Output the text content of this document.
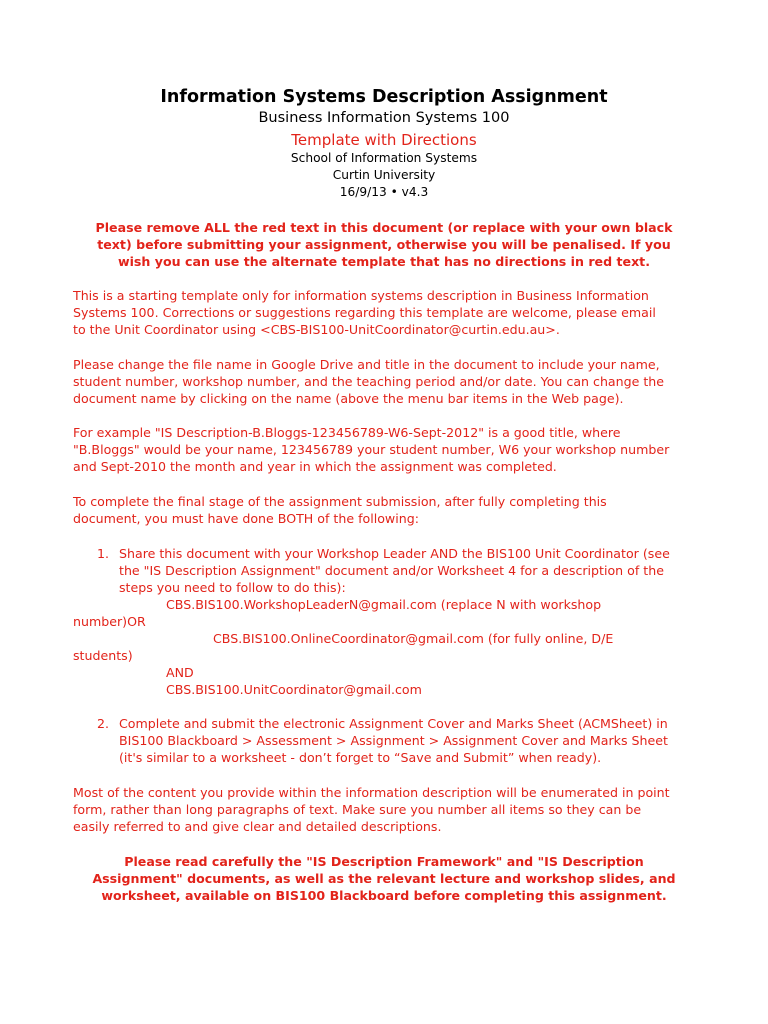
Information Systems Description Assignment
Business Information Systems 100
Template with Directions
School of Information Systems
Curtin University
16/9/13 • v4.3
Please remove ALL the red text in this document (or replace with your own black
text) before submitting your assignment, otherwise you will be penalised. If you
wish you can use the alternate template that has no directions in red text.
This is a starting template only for information systems description in Business Information
Systems 100. Corrections or suggestions regarding this template are welcome, please email
to the Unit Coordinator using <CBS-BIS100-UnitCoordinator@curtin.edu.au>.
Please change the file name in Google Drive and title in the document to include your name,
student number, workshop number, and the teaching period and/or date. You can change the
document name by clicking on the name (above the menu bar items in the Web page).
For example "IS Description-B.Bloggs-123456789-W6-Sept-2012" is a good title, where
"B.Bloggs" would be your name, 123456789 your student number, W6 your workshop number
and Sept-2010 the month and year in which the assignment was completed.
To complete the final stage of the assignment submission, after fully completing this
document, you must have done BOTH of the following:
1. Share this document with your Workshop Leader AND the BIS100 Unit Coordinator (see
the "IS Description Assignment" document and/or Worksheet 4 for a description of the
steps you need to follow to do this):
CBS.BIS100.WorkshopLeaderN@gmail.com (replace N with workshop
number)OR
CBS.BIS100.OnlineCoordinator@gmail.com (for fully online, D/E
students)
AND
CBS.BIS100.UnitCoordinator@gmail.com
2. Complete and submit the electronic Assignment Cover and Marks Sheet (ACMSheet) in
BIS100 Blackboard > Assessment > Assignment > Assignment Cover and Marks Sheet
(it's similar to a worksheet - don’t forget to “Save and Submit” when ready).
Most of the content you provide within the information description will be enumerated in point
form, rather than long paragraphs of text. Make sure you number all items so they can be
easily referred to and give clear and detailed descriptions.
Please read carefully the "IS Description Framework" and "IS Description
Assignment" documents, as well as the relevant lecture and workshop slides, and
worksheet, available on BIS100 Blackboard before completing this assignment.
